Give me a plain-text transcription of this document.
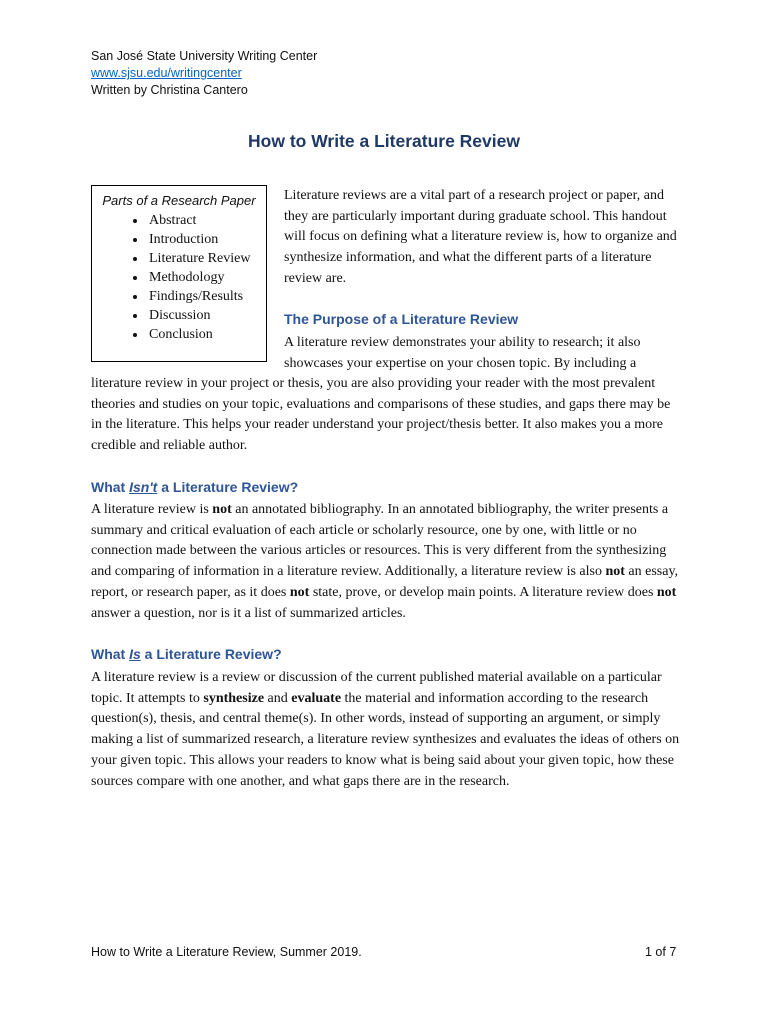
San José State University Writing Center
www.sjsu.edu/writingcenter
Written by Christina Cantero
How to Write a Literature Review

Parts of a Research Paper

• Abstract
• Introduction
• Literature Review
• Methodology
• Findings/Results
• Discussion
• Conclusion

Literature reviews are a vital part of a research project or paper, and they are particularly important during graduate school. This handout will focus on defining what a literature review is, how to organize and synthesize information, and what the different parts of a literature review are.

The Purpose of a Literature Review

A literature review demonstrates your ability to research; it also showcases your expertise on your chosen topic. By including a

literature review in your project or thesis, you are also providing your reader with the most prevalent theories and studies on your topic, evaluations and comparisons of these studies, and gaps there may be in the literature. This helps your reader understand your project/thesis better. It also makes you a more credible and reliable author.

What Isn't a Literature Review?

A literature review is not an annotated bibliography. In an annotated bibliography, the writer presents a summary and critical evaluation of each article or scholarly resource, one by one, with little or no connection made between the various articles or resources. This is very different from the synthesizing and comparing of information in a literature review. Additionally, a literature review is also not an essay, report, or research paper, as it does not state, prove, or develop main points. A literature review does not answer a question, nor is it a list of summarized articles.

What Is a Literature Review?

A literature review is a review or discussion of the current published material available on a particular topic. It attempts to synthesize and evaluate the material and information according to the research question(s), thesis, and central theme(s). In other words, instead of supporting an argument, or simply making a list of summarized research, a literature review synthesizes and evaluates the ideas of others on your given topic. This allows your readers to know what is being said about your given topic, how these sources compare with one another, and what gaps there are in the research.

How to Write a Literature Review, Summer 2019.	1 of 7
